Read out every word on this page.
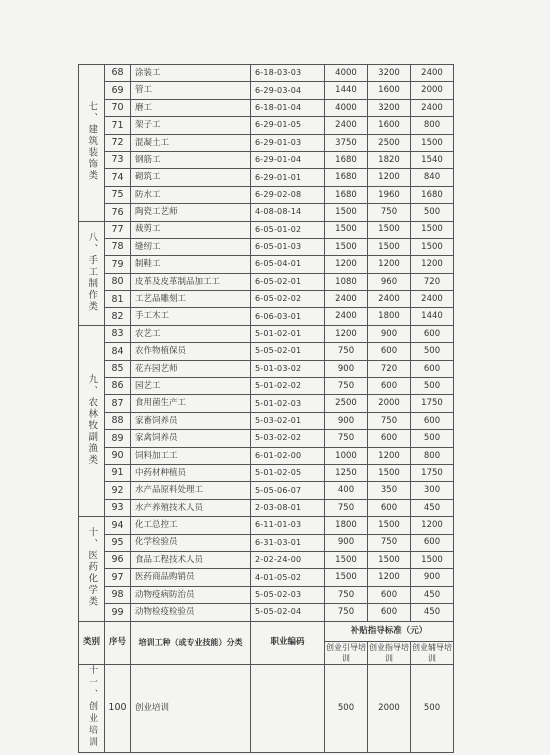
七、建筑装饰类	68	涂装工	6-18-03-03	4000	3200	2400
	69	管工	6-29-03-04	1440	1600	2000
	70	磨工	6-18-01-04	4000	3200	2400
	71	架子工	6-29-01-05	2400	1600	800
	72	混凝土工	6-29-01-03	3750	2500	1500
	73	钢筋工	6-29-01-04	1680	1820	1540
	74	砌筑工	6-29-01-01	1680	1200	840
	75	防水工	6-29-02-08	1680	1960	1680
	76	陶瓷工艺师	4-08-08-14	1500	750	500
八、手工制作类	77	裁剪工	6-05-01-02	1500	1500	1500
	78	缝纫工	6-05-01-03	1500	1500	1500
	79	制鞋工	6-05-04-01	1200	1200	1200
	80	皮革及皮革制品加工工	6-05-02-01	1080	960	720
	81	工艺品雕刻工	6-05-02-02	2400	2400	2400
	82	手工木工	6-06-03-01	2400	1800	1440
九、农林牧副渔类	83	农艺工	5-01-02-01	1200	900	600
	84	农作物植保员	5-05-02-01	750	600	500
	85	花卉园艺师	5-01-03-02	900	720	600
	86	园艺工	5-01-02-02	750	600	500
	87	食用菌生产工	5-01-02-03	2500	2000	1750
	88	家畜饲养员	5-03-02-01	900	750	600
	89	家禽饲养员	5-03-02-02	750	600	500
	90	饲料加工工	6-01-02-00	1000	1200	800
	91	中药材种植员	5-01-02-05	1250	1500	1750
	92	水产品原料处理工	5-05-06-07	400	350	300
	93	水产养殖技术人员	2-03-08-01	750	600	450
十、医药化学类	94	化工总控工	6-11-01-03	1800	1500	1200
	95	化学检验员	6-31-03-01	900	750	600
	96	食品工程技术人员	2-02-24-00	1500	1500	1500
	97	医药商品购销员	4-01-05-02	1500	1200	900
	98	动物疫病防治员	5-05-02-03	750	600	450
	99	动物检疫检验员	5-05-02-04	750	600	450
类别	序号	培训工种（或专业技能）分类	职业编码	补贴指导标准（元）		
				创业引导培训	创业指导培训	创业辅导培训
十一、创业培训	100	创业培训		500	2000	500
